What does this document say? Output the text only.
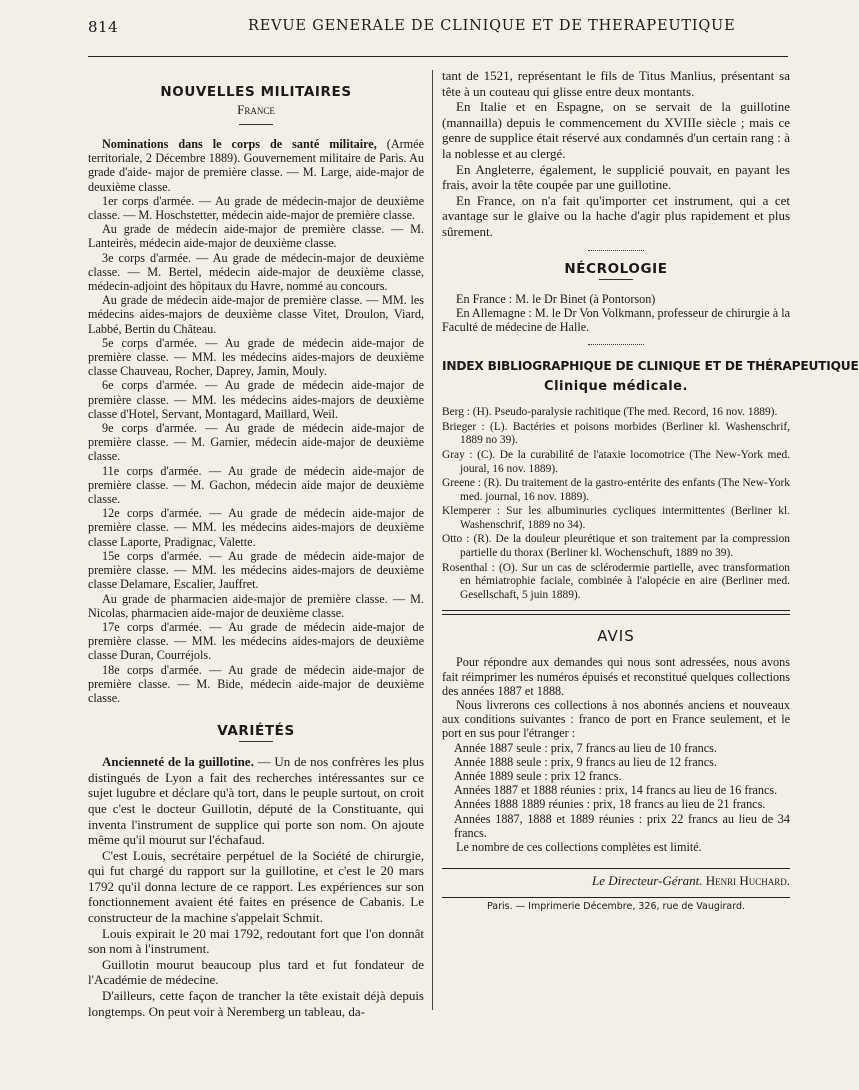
814	REVUE GENERALE DE CLINIQUE ET DE THERAPEUTIQUE
NOUVELLES MILITAIRES
France

Nominations dans le corps de santé militaire, (Armée territoriale, 2 Décembre 1889). Gouvernement militaire de Paris. Au grade d'aide- major de première classe. — M. Large, aide-major de deuxième classe.

1er corps d'armée. — Au grade de médecin-major de deuxième classe. — M. Hoschstetter, médecin aide-major de première classe.

Au grade de médecin aide-major de première classe. — M. Lanteirès, médecin aide-major de deuxième classe.

3e corps d'armée. — Au grade de médecin-major de deuxième classe. — M. Bertel, médecin aide-major de deuxième classe, médecin-adjoint des hôpitaux du Havre, nommé au concours.

Au grade de médecin aide-major de première classe. — MM. les médecins aides-majors de deuxième classe Vitet, Droulon, Viard, Labbé, Bertin du Château.

5e corps d'armée. — Au grade de médecin aide-major de première classe. — MM. les médecins aides-majors de deuxième classe Chauveau, Rocher, Daprey, Jamin, Mouly.

6e corps d'armée. — Au grade de médecin aide-major de première classe. — MM. les médecins aides-majors de deuxième classe d'Hotel, Servant, Montagard, Maillard, Weil.

9e corps d'armée. — Au grade de médecin aide-major de première classe. — M. Garnier, médecin aide-major de deuxième classe.

11e corps d'armée. — Au grade de médecin aide-major de première classe. — M. Gachon, médecin aide major de deuxième classe.

12e corps d'armée. — Au grade de médecin aide-major de première classe. — MM. les médecins aides-majors de deuxième classe Laporte, Pradignac, Valette.

15e corps d'armée. — Au grade de médecin aide-major de première classe. — MM. les médecins aides-majors de deuxième classe Delamare, Escalier, Jauffret.

Au grade de pharmacien aide-major de première classe. — M. Nicolas, pharmacien aide-major de deuxième classe.

17e corps d'armée. — Au grade de médecin aide-major de première classe. — MM. les médecins aides-majors de deuxième classe Duran, Courréjols.

18e corps d'armée. — Au grade de médecin aide-major de première classe. — M. Bide, médecin aide-major de deuxième classe.

VARIÉTÉS

Ancienneté de la guillotine. — Un de nos confrères les plus distingués de Lyon a fait des recherches intéressantes sur ce sujet lugubre et déclare qu'à tort, dans le peuple surtout, on croit que c'est le docteur Guillotin, député de la Constituante, qui inventa l'instrument de supplice qui porte son nom. On ajoute même qu'il mourut sur l'échafaud.

C'est Louis, secrétaire perpétuel de la Société de chirurgie, qui fut chargé du rapport sur la guillotine, et c'est le 20 mars 1792 qu'il donna lecture de ce rapport. Les expériences sur son fonctionnement avaient été faites en présence de Cabanis. Le constructeur de la machine s'appelait Schmit.

Louis expirait le 20 mai 1792, redoutant fort que l'on donnât son nom à l'instrument.

Guillotin mourut beaucoup plus tard et fut fondateur de l'Académie de médecine.

D'ailleurs, cette façon de trancher la tête existait déjà depuis longtemps. On peut voir à Neremberg un tableau, da-

tant de 1521, représentant le fils de Titus Manlius, présentant sa tête à un couteau qui glisse entre deux montants.

En Italie et en Espagne, on se servait de la guillotine (mannailla) depuis le commencement du XVIIIe siècle ; mais ce genre de supplice était réservé aux condamnés d'un certain rang : à la noblesse et au clergé.

En Angleterre, également, le supplicié pouvait, en payant les frais, avoir la tête coupée par une guillotine.

En France, on n'a fait qu'importer cet instrument, qui a cet avantage sur le glaive ou la hache d'agir plus rapidement et plus sûrement.

NÉCROLOGIE

En France : M. le Dr Binet (à Pontorson)

En Allemagne : M. le Dr Von Volkmann, professeur de chirurgie à la Faculté de médecine de Halle.

INDEX BIBLIOGRAPHIQUE DE CLINIQUE ET DE THÉRAPEUTIQUE
Clinique médicale.

Berg : (H). Pseudo-paralysie rachitique (The med. Record, 16 nov. 1889).

Brieger : (L). Bactéries et poisons morbides (Berliner kl. Washenschrif, 1889 no 39).

Gray : (C). De la curabilité de l'ataxie locomotrice (The New-York med. joural, 16 nov. 1889).

Greene : (R). Du traitement de la gastro-entérite des enfants (The New-York med. journal, 16 nov. 1889).

Klemperer : Sur les albuminuries cycliques intermittentes (Berliner kl. Washenschrif, 1889 no 34).

Otto : (R). De la douleur pleurétique et son traitement par la compression partielle du thorax (Berliner kl. Wochenschuft, 1889 no 39).

Rosenthal : (O). Sur un cas de sclérodermie partielle, avec transformation en hémiatrophie faciale, combinée à l'alopécie en aire (Berliner med. Gesellschaft, 5 juin 1889).

AVIS

Pour répondre aux demandes qui nous sont adressées, nous avons fait réimprimer les numéros épuisés et reconstitué quelques collections des années 1887 et 1888.

Nous livrerons ces collections à nos abonnés anciens et nouveaux aux conditions suivantes : franco de port en France seulement, et le port en sus pour l'étranger :

Année 1887 seule : prix, 7 francs au lieu de 10 francs.

Année 1888 seule : prix, 9 francs au lieu de 12 francs.

Année 1889 seule : prix 12 francs.

Années 1887 et 1888 réunies : prix, 14 francs au lieu de 16 francs.

Années 1888 1889 réunies : prix, 18 francs au lieu de 21 francs.

Années 1887, 1888 et 1889 réunies : prix 22 francs au lieu de 34 francs.

Le nombre de ces collections complètes est limité.

Le Directeur-Gérant. Henri Huchard.
Paris. — Imprimerie Décembre, 326, rue de Vaugirard.
